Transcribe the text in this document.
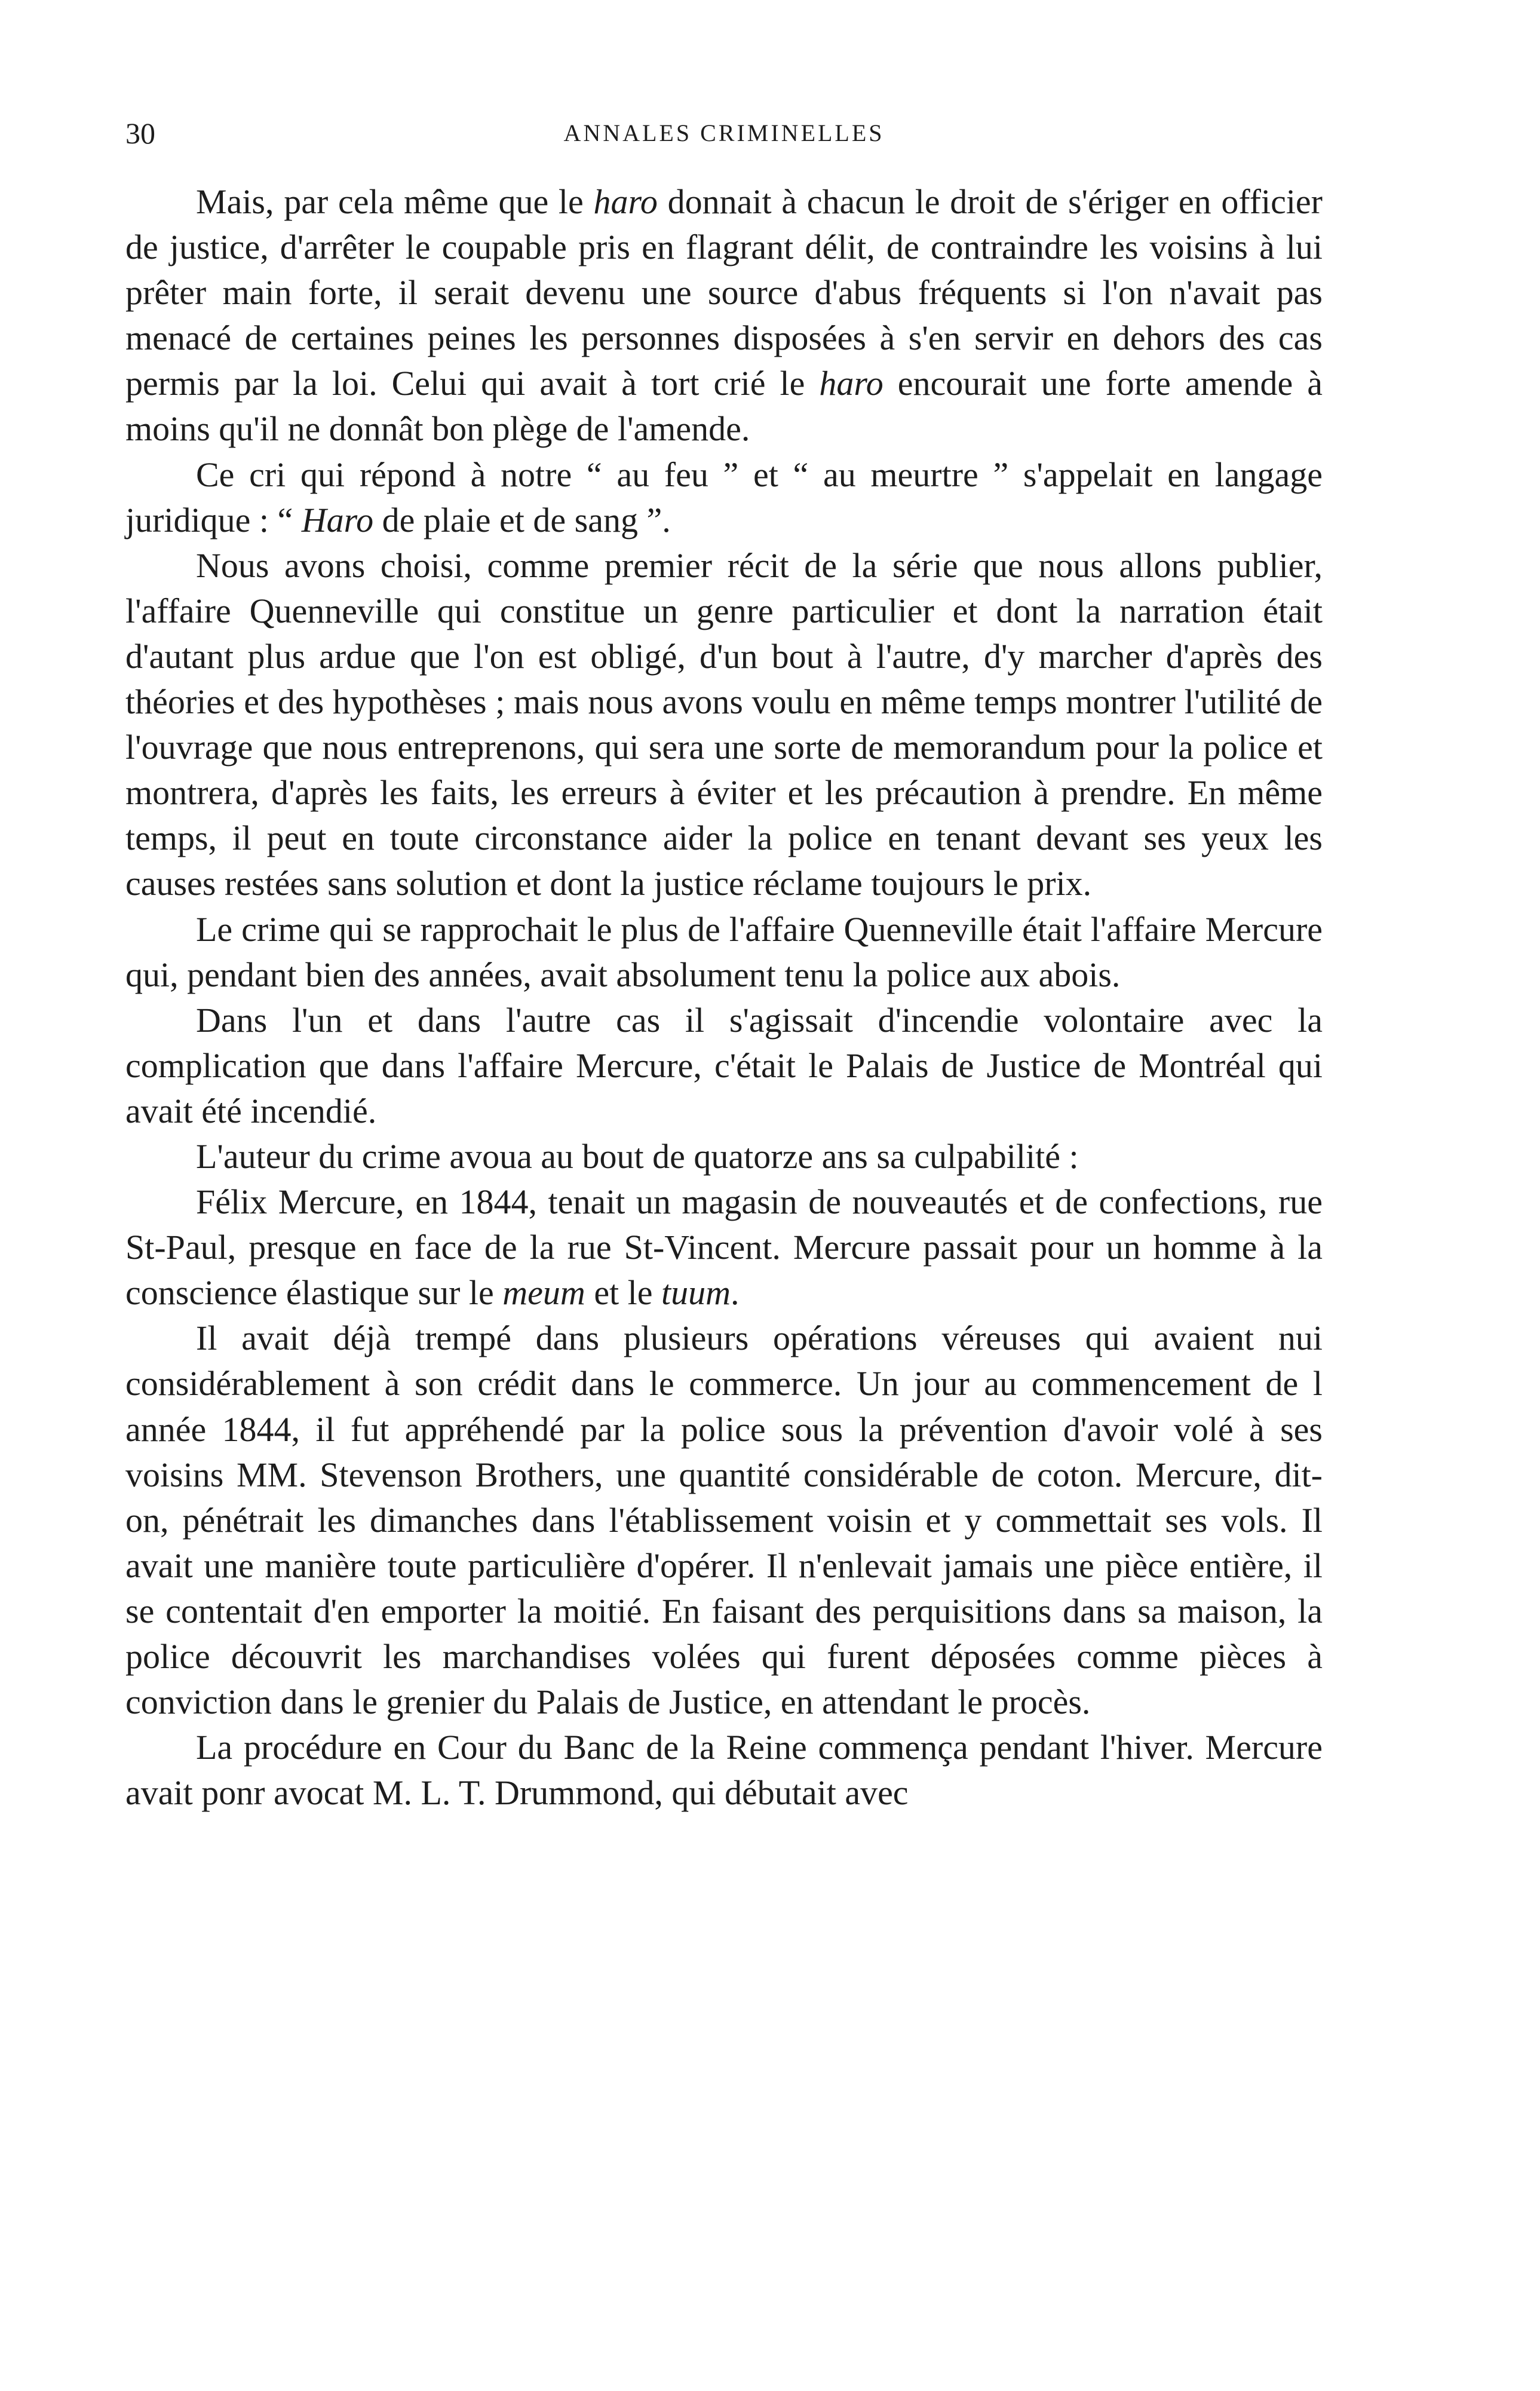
30	ANNALES CRIMINELLES

Mais, par cela même que le haro donnait à chacun le droit de s'ériger en officier de justice, d'arrêter le coupable pris en flagrant délit, de contraindre les voisins à lui prêter main forte, il serait devenu une source d'abus fréquents si l'on n'avait pas menacé de certaines peines les personnes disposées à s'en servir en dehors des cas permis par la loi. Celui qui avait à tort crié le haro encourait une forte amende à moins qu'il ne donnât bon plège de l'amende.

Ce cri qui répond à notre “ au feu ” et “ au meurtre ” s'appelait en langage juridique : “ Haro de plaie et de sang ”.

Nous avons choisi, comme premier récit de la série que nous allons publier, l'affaire Quenneville qui constitue un genre particulier et dont la narration était d'autant plus ardue que l'on est obligé, d'un bout à l'autre, d'y marcher d'après des théories et des hypothèses ; mais nous avons voulu en même temps montrer l'utilité de l'ouvrage que nous entreprenons, qui sera une sorte de memorandum pour la police et montrera, d'après les faits, les erreurs à éviter et les précaution à prendre. En même temps, il peut en toute circonstance aider la police en tenant devant ses yeux les causes restées sans solution et dont la justice réclame toujours le prix.

Le crime qui se rapprochait le plus de l'affaire Quenneville était l'affaire Mercure qui, pendant bien des années, avait absolument tenu la police aux abois.

Dans l'un et dans l'autre cas il s'agissait d'incendie volontaire avec la complication que dans l'affaire Mercure, c'était le Palais de Justice de Montréal qui avait été incendié.

L'auteur du crime avoua au bout de quatorze ans sa culpabilité :

Félix Mercure, en 1844, tenait un magasin de nouveautés et de confections, rue St-Paul, presque en face de la rue St-Vincent. Mercure passait pour un homme à la conscience élastique sur le meum et le tuum.

Il avait déjà trempé dans plusieurs opérations véreuses qui avaient nui considérablement à son crédit dans le commerce. Un jour au commencement de l année 1844, il fut appréhendé par la police sous la prévention d'avoir volé à ses voisins MM. Stevenson Brothers, une quantité considérable de coton. Mercure, dit-on, pénétrait les dimanches dans l'établissement voisin et y commettait ses vols. Il avait une manière toute particulière d'opérer. Il n'enlevait jamais une pièce entière, il se contentait d'en emporter la moitié. En faisant des perquisitions dans sa maison, la police découvrit les marchandises volées qui furent déposées comme pièces à conviction dans le grenier du Palais de Justice, en attendant le procès.

La procédure en Cour du Banc de la Reine commença pendant l'hiver. Mercure avait ponr avocat M. L. T. Drummond, qui débutait avec
